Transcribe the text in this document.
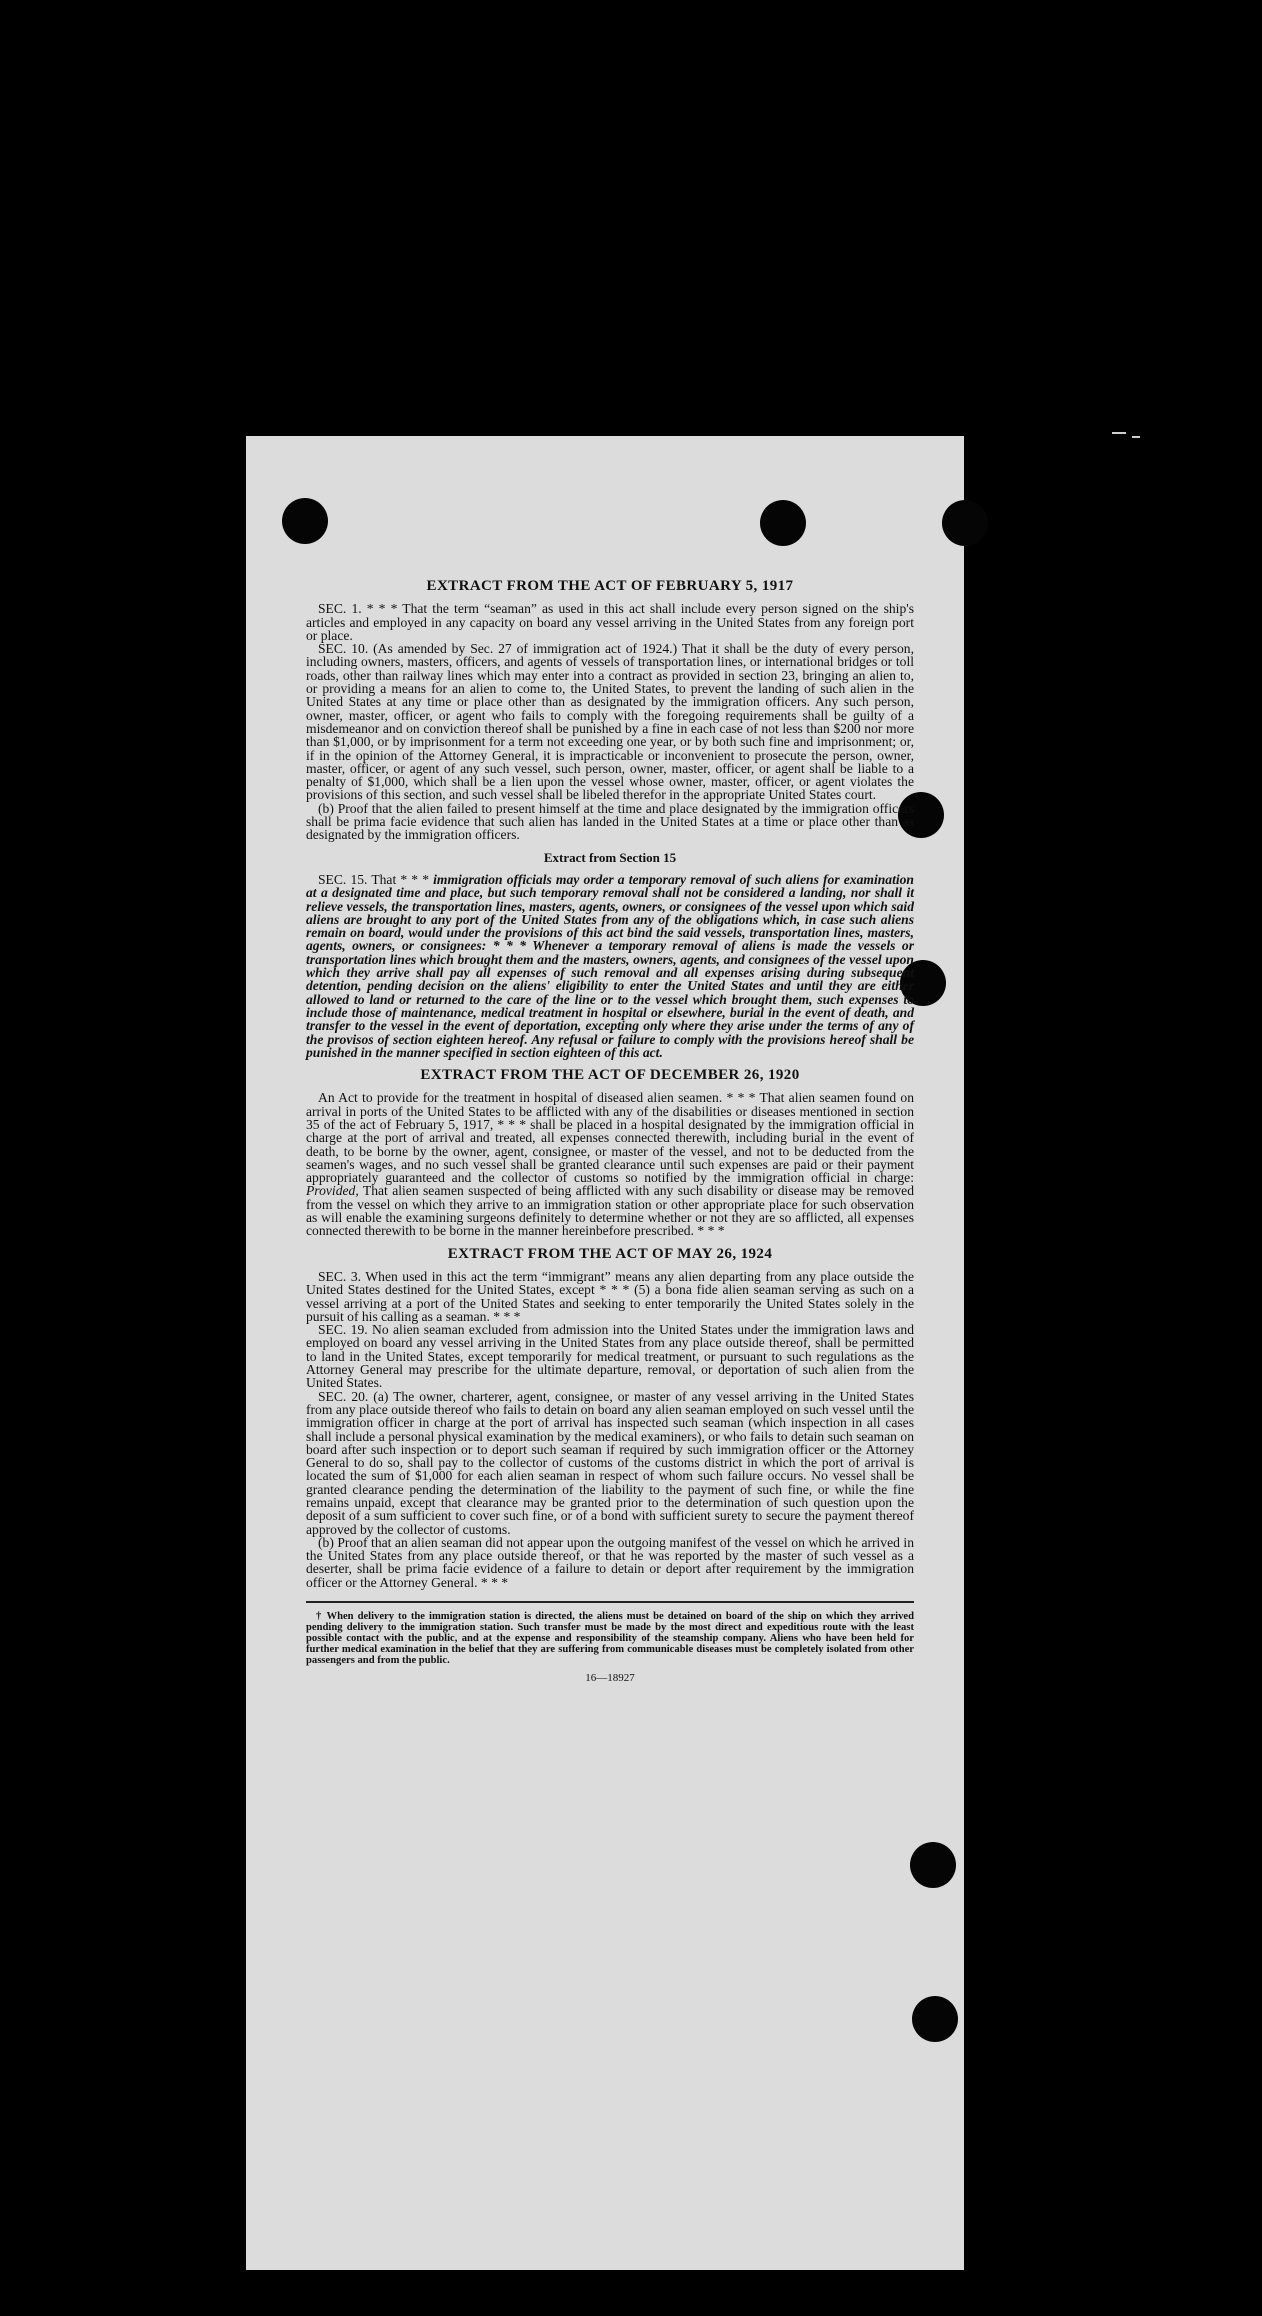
EXTRACT FROM THE ACT OF FEBRUARY 5, 1917

SEC. 1. * * * That the term “seaman” as used in this act shall include every person signed on the ship's articles and employed in any capacity on board any vessel arriving in the United States from any foreign port or place.

SEC. 10. (As amended by Sec. 27 of immigration act of 1924.) That it shall be the duty of every person, including owners, masters, officers, and agents of vessels of transportation lines, or international bridges or toll roads, other than railway lines which may enter into a contract as provided in section 23, bringing an alien to, or providing a means for an alien to come to, the United States, to prevent the landing of such alien in the United States at any time or place other than as designated by the immigration officers. Any such person, owner, master, officer, or agent who fails to comply with the foregoing requirements shall be guilty of a misdemeanor and on conviction thereof shall be punished by a fine in each case of not less than $200 nor more than $1,000, or by imprisonment for a term not exceeding one year, or by both such fine and imprisonment; or, if in the opinion of the Attorney General, it is impracticable or inconvenient to prosecute the person, owner, master, officer, or agent of any such vessel, such person, owner, master, officer, or agent shall be liable to a penalty of $1,000, which shall be a lien upon the vessel whose owner, master, officer, or agent violates the provisions of this section, and such vessel shall be libeled therefor in the appropriate United States court.

(b) Proof that the alien failed to present himself at the time and place designated by the immigration officers shall be prima facie evidence that such alien has landed in the United States at a time or place other than as designated by the immigration officers.

Extract from Section 15

SEC. 15. That * * * immigration officials may order a temporary removal of such aliens for examination at a designated time and place, but such temporary removal shall not be considered a landing, nor shall it relieve vessels, the transportation lines, masters, agents, owners, or consignees of the vessel upon which said aliens are brought to any port of the United States from any of the obligations which, in case such aliens remain on board, would under the provisions of this act bind the said vessels, transportation lines, masters, agents, owners, or consignees: * * * Whenever a temporary removal of aliens is made the vessels or transportation lines which brought them and the masters, owners, agents, and consignees of the vessel upon which they arrive shall pay all expenses of such removal and all expenses arising during subsequent detention, pending decision on the aliens' eligibility to enter the United States and until they are either allowed to land or returned to the care of the line or to the vessel which brought them, such expenses to include those of maintenance, medical treatment in hospital or elsewhere, burial in the event of death, and transfer to the vessel in the event of deportation, excepting only where they arise under the terms of any of the provisos of section eighteen hereof. Any refusal or failure to comply with the provisions hereof shall be punished in the manner specified in section eighteen of this act.

EXTRACT FROM THE ACT OF DECEMBER 26, 1920

An Act to provide for the treatment in hospital of diseased alien seamen. * * * That alien seamen found on arrival in ports of the United States to be afflicted with any of the disabilities or diseases mentioned in section 35 of the act of February 5, 1917, * * * shall be placed in a hospital designated by the immigration official in charge at the port of arrival and treated, all expenses connected therewith, including burial in the event of death, to be borne by the owner, agent, consignee, or master of the vessel, and not to be deducted from the seamen's wages, and no such vessel shall be granted clearance until such expenses are paid or their payment appropriately guaranteed and the collector of customs so notified by the immigration official in charge: Provided, That alien seamen suspected of being afflicted with any such disability or disease may be removed from the vessel on which they arrive to an immigration station or other appropriate place for such observation as will enable the examining surgeons definitely to determine whether or not they are so afflicted, all expenses connected therewith to be borne in the manner hereinbefore prescribed. * * *

EXTRACT FROM THE ACT OF MAY 26, 1924

SEC. 3. When used in this act the term “immigrant” means any alien departing from any place outside the United States destined for the United States, except * * * (5) a bona fide alien seaman serving as such on a vessel arriving at a port of the United States and seeking to enter temporarily the United States solely in the pursuit of his calling as a seaman. * * *

SEC. 19. No alien seaman excluded from admission into the United States under the immigration laws and employed on board any vessel arriving in the United States from any place outside thereof, shall be permitted to land in the United States, except temporarily for medical treatment, or pursuant to such regulations as the Attorney General may prescribe for the ultimate departure, removal, or deportation of such alien from the United States.

SEC. 20. (a) The owner, charterer, agent, consignee, or master of any vessel arriving in the United States from any place outside thereof who fails to detain on board any alien seaman employed on such vessel until the immigration officer in charge at the port of arrival has inspected such seaman (which inspection in all cases shall include a personal physical examination by the medical examiners), or who fails to detain such seaman on board after such inspection or to deport such seaman if required by such immigration officer or the Attorney General to do so, shall pay to the collector of customs of the customs district in which the port of arrival is located the sum of $1,000 for each alien seaman in respect of whom such failure occurs. No vessel shall be granted clearance pending the determination of the liability to the payment of such fine, or while the fine remains unpaid, except that clearance may be granted prior to the determination of such question upon the deposit of a sum sufficient to cover such fine, or of a bond with sufficient surety to secure the payment thereof approved by the collector of customs.

(b) Proof that an alien seaman did not appear upon the outgoing manifest of the vessel on which he arrived in the United States from any place outside thereof, or that he was reported by the master of such vessel as a deserter, shall be prima facie evidence of a failure to detain or deport after requirement by the immigration officer or the Attorney General. * * *

† When delivery to the immigration station is directed, the aliens must be detained on board of the ship on which they arrived pending delivery to the immigration station. Such transfer must be made by the most direct and expeditious route with the least possible contact with the public, and at the expense and responsibility of the steamship company. Aliens who have been held for further medical examination in the belief that they are suffering from communicable diseases must be completely isolated from other passengers and from the public.

16—18927
